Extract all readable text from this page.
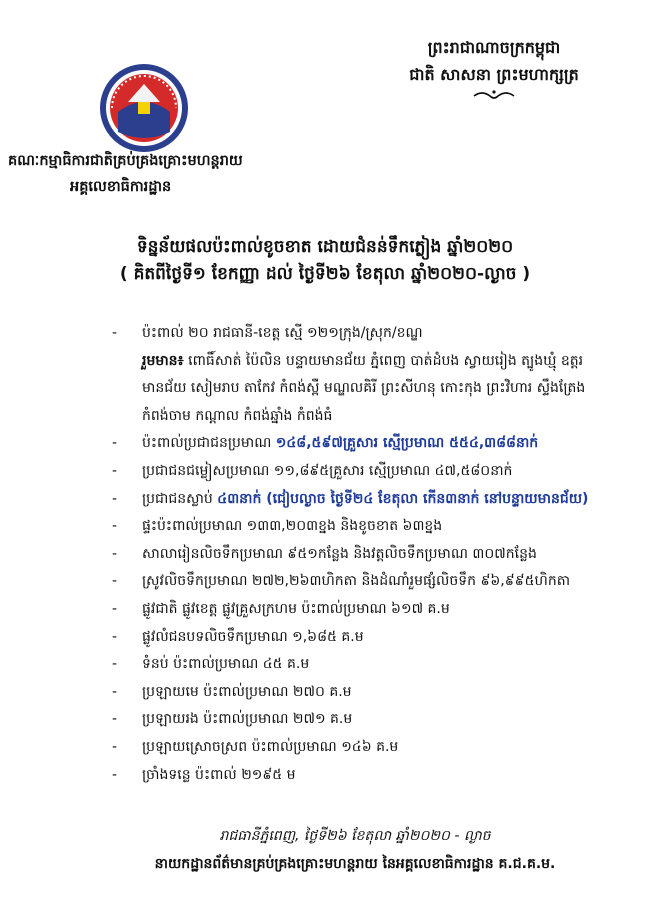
គណៈកម្មាធិការជាតិគ្រប់គ្រងគ្រោះមហន្តរាយ
អគ្គលេខាធិការដ្ឋាន
ព្រះរាជាណាចក្រកម្ពុជា
ជាតិ សាសនា ព្រះមហាក្សត្រ
ទិន្នន័យផលប៉ះពាល់ខូចខាត ដោយជំនន់ទឹកភ្លៀង ឆ្នាំ២០២០
( គិតពីថ្ងៃទី១ ខែកញ្ញា ដល់ ថ្ងៃទី២៦ ខែតុលា ឆ្នាំ២០២០-ល្ងាច )
-	ប៉ះពាល់ ២០ រាជធានី-ខេត្ត ស្មើ ១២១ក្រុង/ស្រុក/ខណ្ឌ
រួមមាន៖ ពោធិ៍សាត់ ប៉ៃលិន បន្ទាយមានជ័យ ភ្នំពេញ បាត់ដំបង ស្វាយរៀង ត្បូងឃ្មុំ ឧត្តរមានជ័យ សៀមរាប តាកែវ កំពង់ស្ពឺ មណ្ឌលគិរី ព្រះសីហនុ កោះកុង ព្រះវិហារ ស្ទឹងត្រែង កំពង់ចាម កណ្ដាល កំពង់ឆ្នាំង កំពង់ធំ
-	ប៉ះពាល់ប្រជាជនប្រមាណ ១៤៨,៥៩៧គ្រួសារ ស្មើប្រមាណ ៥៥៤,៣៨៨នាក់
-	ប្រជាជនជម្លៀសប្រមាណ ១១,៨៩៥គ្រួសារ ស្មើប្រមាណ ៤៧,៥៨០នាក់
-	ប្រជាជនស្លាប់ ៤៣នាក់ (ជៀបល្ងាច ថ្ងៃទី២៤ ខែតុលា កើន៣នាក់ នៅបន្ទាយមានជ័យ)
-	ផ្ទះប៉ះពាល់ប្រមាណ ១៣៣,២០៣ខ្នង និងខូចខាត ៦៣ខ្នង
-	សាលារៀនលិចទឹកប្រមាណ ៩៥១កន្លែង និងវត្តលិចទឹកប្រមាណ ៣០៧កន្លែង
-	ស្រូវលិចទឹកប្រមាណ ២៧២,២៦៣ហិកតា និងដំណាំរួមផ្សំលិចទឹក ៩៦,៩៩៥ហិកតា
-	ផ្លូវជាតិ ផ្លូវខេត្ត ផ្លូវគ្រួសក្រហម ប៉ះពាល់ប្រមាណ ៦១៧ គ.ម
-	ផ្លូវលំជនបទលិចទឹកប្រមាណ ១,៦៨៥ គ.ម
-	ទំនប់ ប៉ះពាល់ប្រមាណ ៤៥ គ.ម
-	ប្រឡាយមេ ប៉ះពាល់ប្រមាណ ២៧០ គ.ម
-	ប្រឡាយរង ប៉ះពាល់ប្រមាណ ២៧១ គ.ម
-	ប្រឡាយស្រោចស្រព ប៉ះពាល់ប្រមាណ ១៤៦ គ.ម
-	ច្រាំងទន្លេ ប៉ះពាល់ ២១៩៥ ម
រាជធានីភ្នំពេញ, ថ្ងៃទី២៦ ខែតុលា ឆ្នាំ២០២០ - ល្ងាច
នាយកដ្ឋានព័ត៌មានគ្រប់គ្រងគ្រោះមហន្តរាយ នៃអគ្គលេខាធិការដ្ឋាន គ.ជ.គ.ម.
